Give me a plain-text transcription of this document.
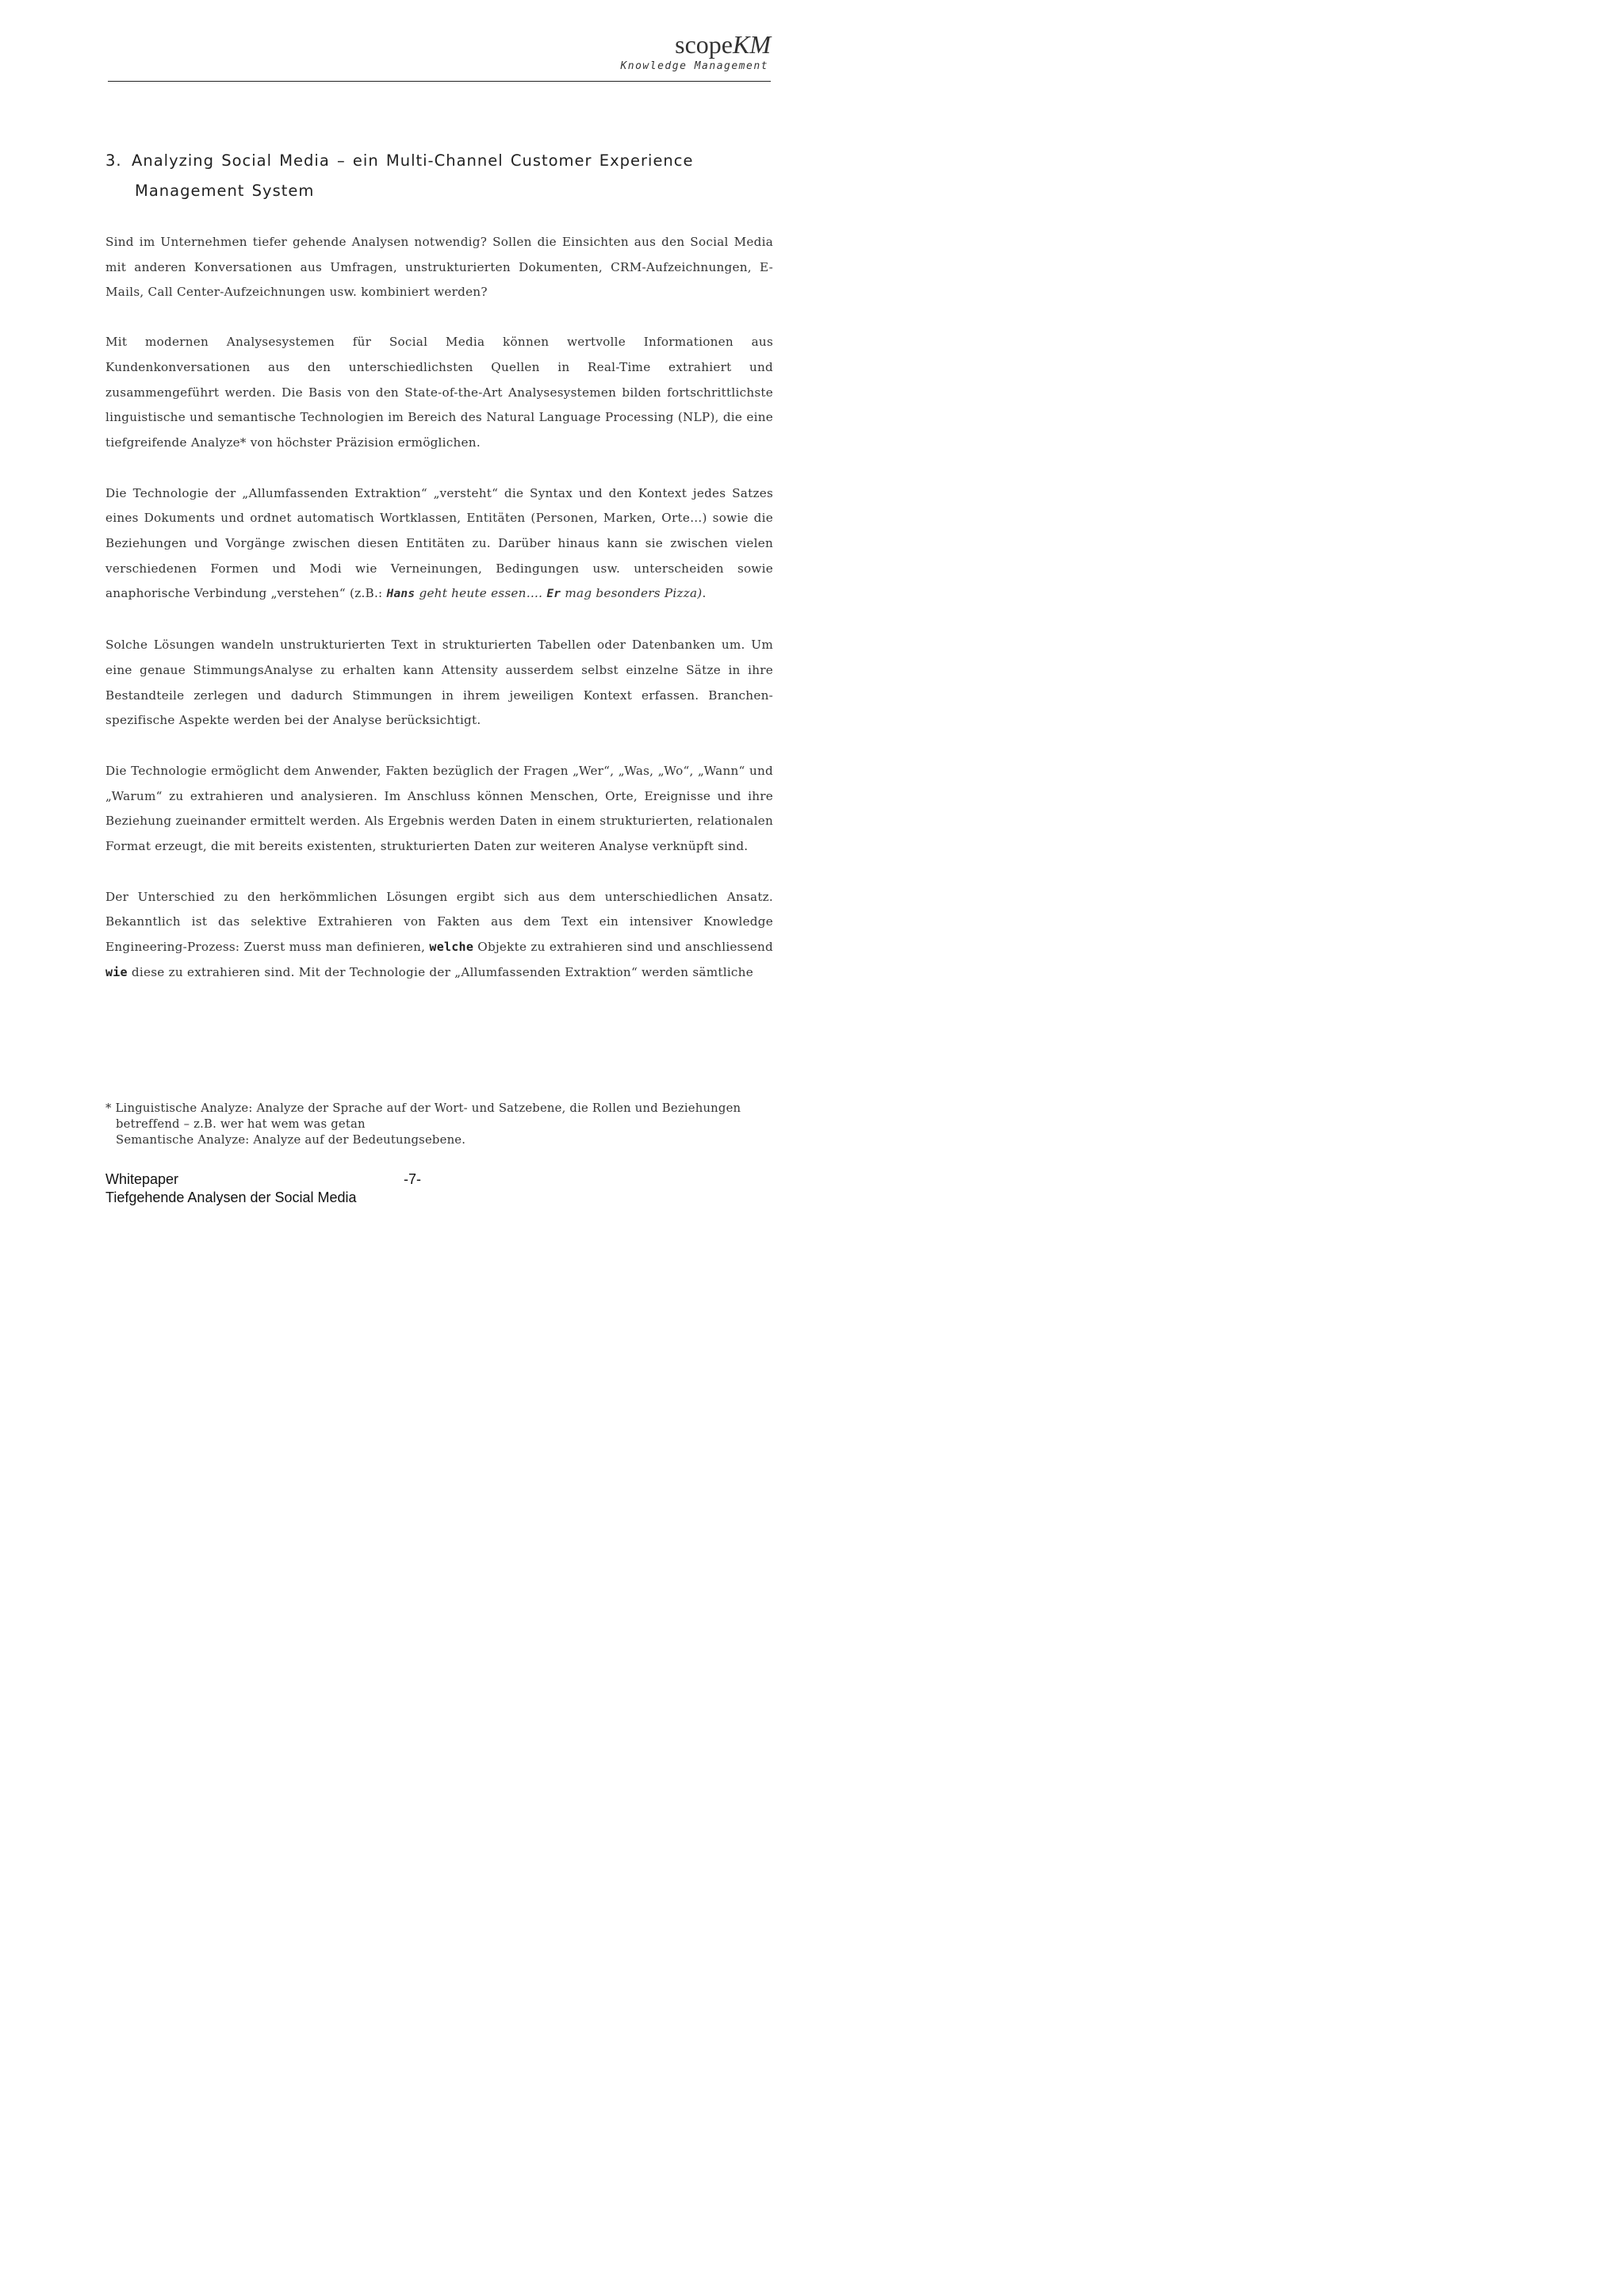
scopeKM
Knowledge Management
3. Analyzing Social Media – ein Multi-Channel Customer Experience
Management System

Sind im Unternehmen tiefer gehende Analysen notwendig? Sollen die Einsichten aus den Social Media mit anderen Konversationen aus Umfragen, unstrukturierten Dokumenten, CRM-Aufzeichnungen, E-Mails, Call Center-Aufzeichnungen usw. kombiniert werden?

Mit modernen Analysesystemen für Social Media können wertvolle Informationen aus Kundenkonversationen aus den unterschiedlichsten Quellen in Real-Time extrahiert und zusammengeführt werden. Die Basis von den State-of-the-Art Analysesystemen bilden fortschrittlichste linguistische und semantische Technologien im Bereich des Natural Language Processing (NLP), die eine tiefgreifende Analyze* von höchster Präzision ermöglichen.

Die Technologie der „Allumfassenden Extraktion“ „versteht“ die Syntax und den Kontext jedes Satzes eines Dokuments und ordnet automatisch Wortklassen, Entitäten (Personen, Marken, Orte…) sowie die Beziehungen und Vorgänge zwischen diesen Entitäten zu. Darüber hinaus kann sie zwischen vielen verschiedenen Formen und Modi wie Verneinungen, Bedingungen usw. unterscheiden sowie anaphorische Verbindung „verstehen“ (z.B.: Hans geht heute essen…. Er mag besonders Pizza).

Solche Lösungen wandeln unstrukturierten Text in strukturierten Tabellen oder Datenbanken um. Um eine genaue StimmungsAnalyse zu erhalten kann Attensity ausserdem selbst einzelne Sätze in ihre Bestandteile zerlegen und dadurch Stimmungen in ihrem jeweiligen Kontext erfassen. Branchen-spezifische Aspekte werden bei der Analyse berücksichtigt.

Die Technologie ermöglicht dem Anwender, Fakten bezüglich der Fragen „Wer“, „Was, „Wo“, „Wann“ und „Warum“ zu extrahieren und analysieren. Im Anschluss können Menschen, Orte, Ereignisse und ihre Beziehung zueinander ermittelt werden. Als Ergebnis werden Daten in einem strukturierten, relationalen Format erzeugt, die mit bereits existenten, strukturierten Daten zur weiteren Analyse verknüpft sind.

Der Unterschied zu den herkömmlichen Lösungen ergibt sich aus dem unterschiedlichen Ansatz. Bekanntlich ist das selektive Extrahieren von Fakten aus dem Text ein intensiver Knowledge Engineering-Prozess: Zuerst muss man definieren, welche Objekte zu extrahieren sind und anschliessend wie diese zu extrahieren sind. Mit der Technologie der „Allumfassenden Extraktion“ werden sämtliche

* Linguistische Analyze: Analyze der Sprache auf der Wort- und Satzebene, die Rollen und Beziehungen
betreffend – z.B. wer hat wem was getan
Semantische Analyze: Analyze auf der Bedeutungsebene.
Whitepaper	-7-
Tiefgehende Analysen der Social Media
